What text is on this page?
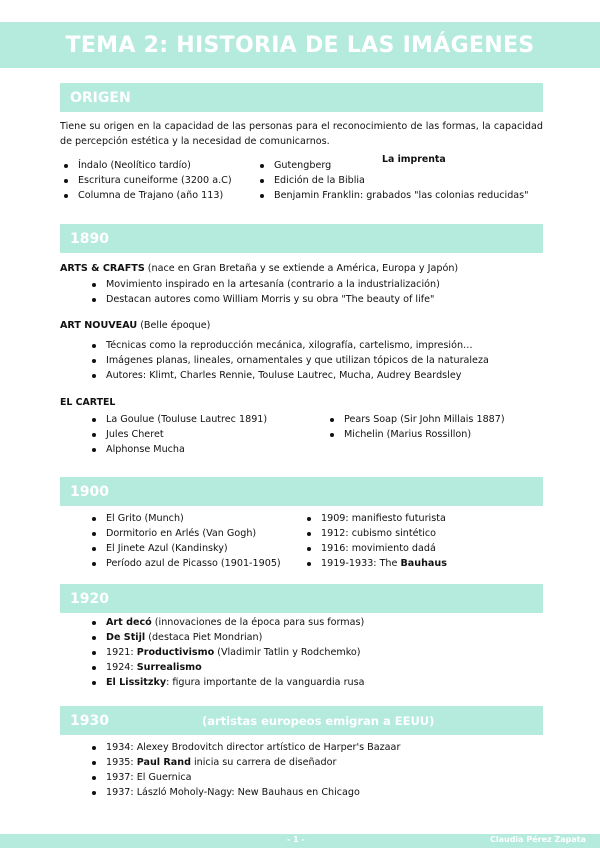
TEMA 2: HISTORIA DE LAS IMÁGENES
ORIGEN

Tiene su origen en la capacidad de las personas para el reconocimiento de las formas, la capacidad de percepción estética y la necesidad de comunicarnos.

La imprenta
Índalo (Neolítico tardío)
Escritura cuneiforme (3200 a.C)
Columna de Trajano (año 113)
Gutengberg
Edición de la Biblia
Benjamin Franklin: grabados "las colonias reducidas"
1890
ARTS & CRAFTS (nace en Gran Bretaña y se extiende a América, Europa y Japón)
Movimiento inspirado en la artesanía (contrario a la industrialización)
Destacan autores como William Morris y su obra "The beauty of life"
ART NOUVEAU (Belle époque)
Técnicas como la reproducción mecánica, xilografía, cartelismo, impresión…
Imágenes planas, lineales, ornamentales y que utilizan tópicos de la naturaleza
Autores: Klimt, Charles Rennie, Touluse Lautrec, Mucha, Audrey Beardsley
EL CARTEL
La Goulue (Touluse Lautrec 1891)
Jules Cheret
Alphonse Mucha
Pears Soap (Sir John Millais 1887)
Michelin (Marius Rossillon)
1900
El Grito (Munch)
Dormitorio en Arlés (Van Gogh)
El Jinete Azul (Kandinsky)
Período azul de Picasso (1901-1905)
1909: manifiesto futurista
1912: cubismo sintético
1916: movimiento dadá
1919-1933: The Bauhaus
1920
Art decó (innovaciones de la época para sus formas)
De Stijl (destaca Piet Mondrian)
1921: Productivismo (Vladimir Tatlin y Rodchemko)
1924: Surrealismo
El Lissitzky: figura importante de la vanguardia rusa
1930	(artistas europeos emigran a EEUU)
1934: Alexey Brodovitch director artístico de Harper's Bazaar
1935: Paul Rand inicia su carrera de diseñador
1937: El Guernica
1937: László Moholy-Nagy: New Bauhaus en Chicago
- 1 -	Claudia Pérez Zapata
